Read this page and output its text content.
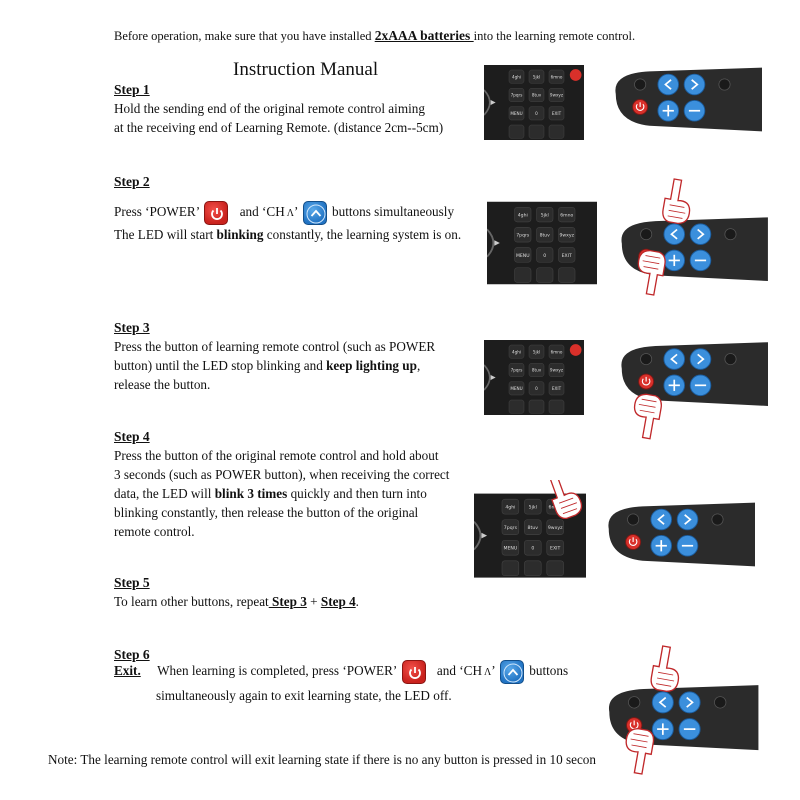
Before operation, make sure that you have installed 2xAAA batteries into the learning remote control.
Instruction Manual
Step 1
Hold the sending end of the original remote control aiming
at the receiving end of Learning Remote. (distance 2cm--5cm)
Step 2
Press ‘POWER’	and ‘CH Λ’	buttons simultaneously
The LED will start blinking constantly, the learning system is on.
Step 3
Press the button of learning remote control (such as POWER
button) until the LED stop blinking and keep lighting up,
release the button.
Step 4
Press the button of the original remote control and hold about
3 seconds (such as POWER button), when receiving the correct
data, the LED will blink 3 times quickly and then turn into
blinking constantly, then release the button of the original
remote control.
Step 5
To learn other buttons, repeat Step 3 + Step 4.
Step 6
Exit. When learning is completed, press ‘POWER’	and ‘CH Λ’	buttons
simultaneously again to exit learning state, the LED off.
Note: The learning remote control will exit learning state if there is no any button is pressed in 10 seconds。
